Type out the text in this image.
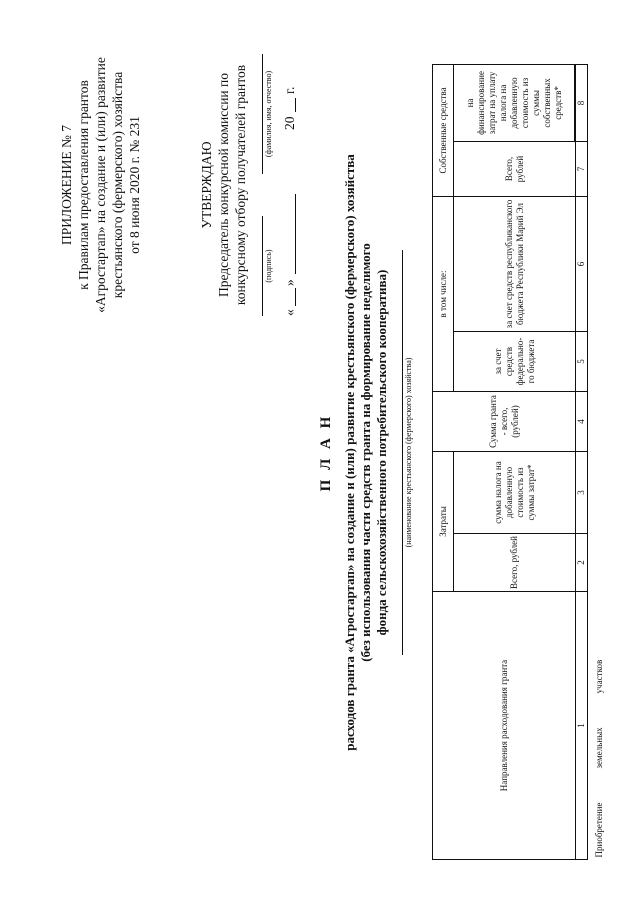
ПРИЛОЖЕНИЕ № 7 к Правилам предоставления грантов «Агростартап» на создание и (или) развитие крестьянского (фермерского) хозяйства от 8 июня 2020 г. № 231	УТВЕРЖДАЮ Председатель конкурсной комиссии по конкурсному отбору получателей грантов (подпись)
(фамилия, имя, отчество)
«
»
20
г.
П Л А Н расходов гранта «Агростартап» на создание и (или) развитие крестьянского (фермерского) хозяйства (без использования части средств гранта на формирование неделимого фонда сельскохозяйственного потребительского кооператива) (наименование крестьянского (фермерского) хозяйства)
Направления расходования гранта	Затраты		Сумма гранта - всего, (рублей)	в том числе:		Собственные средства	
	Всего, рублей	сумма налога на добавленную стоимость из суммы затрат*		за счет средств федерально-го бюджета	за счет средств республиканского бюджета Республики Марий Эл	Всего, рублей	на финансирование затрат на уплату налога на добавленную стоимость из суммы собственных средств*

1	2	3	4	5	6	7	8
Приобретениеземельныхучастков							
